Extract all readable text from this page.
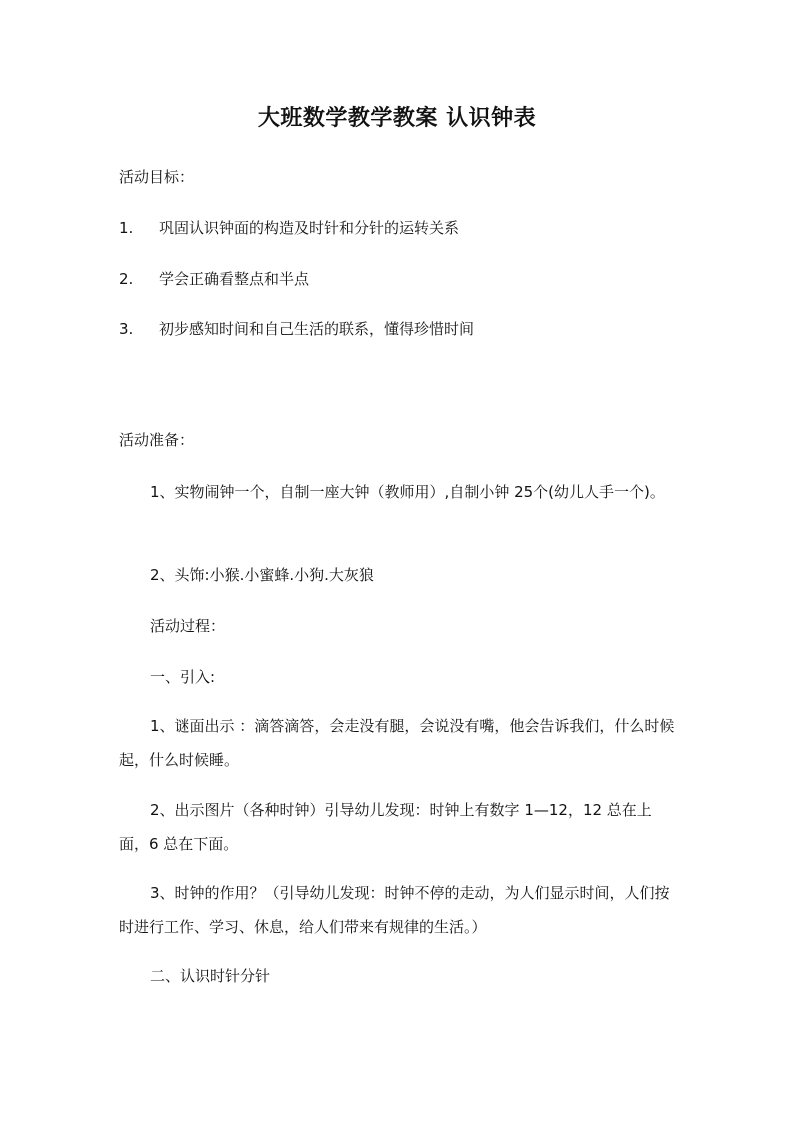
大班数学教学教案 认识钟表
活动目标：
1.	巩固认识钟面的构造及时针和分针的运转关系
2.	学会正确看整点和半点
3.	初步感知时间和自己生活的联系，懂得珍惜时间
活动准备：
1、实物闹钟一个，自制一座大钟（教师用）,自制小钟 25个(幼儿人手一个)。
2、头饰:小猴.小蜜蜂.小狗.大灰狼
活动过程：
一、引入:
1、谜面出示 ：滴答滴答，会走没有腿，会说没有嘴，他会告诉我们，什么时候起，什么时候睡。
2、出示图片（各种时钟）引导幼儿发现：时钟上有数字 1—12，12 总在上面，6 总在下面。
3、时钟的作用？（引导幼儿发现：时钟不停的走动，为人们显示时间，人们按时进行工作、学习、休息，给人们带来有规律的生活。）
二、认识时针分针
